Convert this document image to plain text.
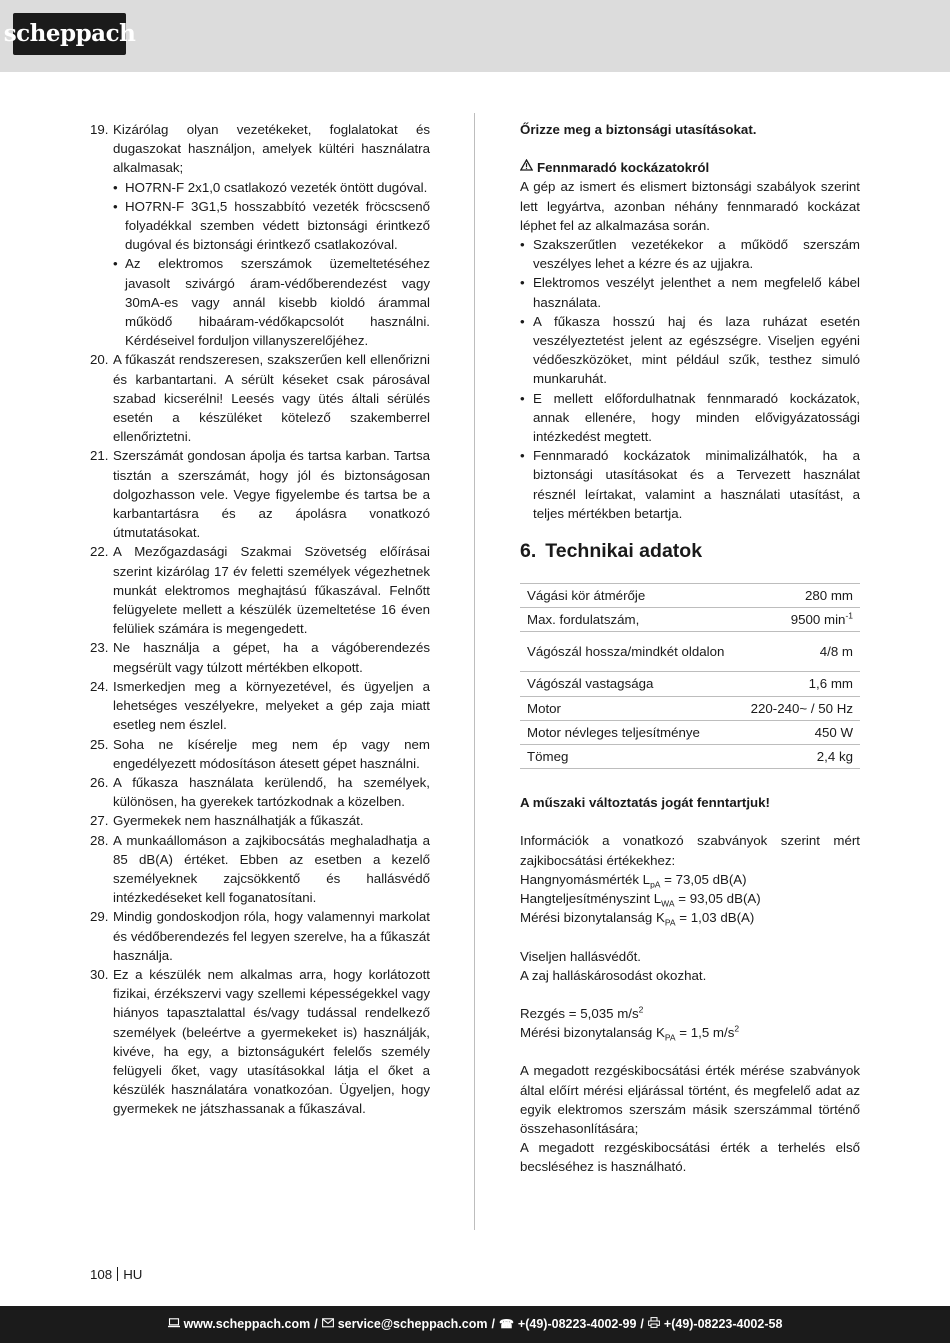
scheppach
19. Kizárólag olyan vezetékeket, foglalatokat és dugaszokat használjon, amelyek kültéri használatra alkalmasak;
• HO7RN-F 2x1,0 csatlakozó vezeték öntött dugóval.
• HO7RN-F 3G1,5 hosszabbító vezeték fröcscsenő folyadékkal szemben védett biztonsági érintkező dugóval és biztonsági érintkező csatlakozóval.
• Az elektromos szerszámok üzemeltetéséhez javasolt szivárgó áram-védőberendezést vagy 30mA-es vagy annál kisebb kioldó árammal működő hibaáram-védőkapcsolót használni. Kérdéseivel forduljon villanyszerelőjéhez.
20. A fűkaszát rendszeresen, szakszerűen kell ellenőrizni és karbantartani. A sérült késeket csak párosával szabad kicserélni! Leesés vagy ütés általi sérülés esetén a készüléket kötelező szakemberrel ellenőriztetni.
21. Szerszámát gondosan ápolja és tartsa karban. Tartsa tisztán a szerszámát, hogy jól és biztonságosan dolgozhasson vele. Vegye figyelembe és tartsa be a karbantartásra és az ápolásra vonatkozó útmutatásokat.
22. A Mezőgazdasági Szakmai Szövetség előírásai szerint kizárólag 17 év feletti személyek végezhetnek munkát elektromos meghajtású fűkaszával. Felnőtt felügyelete mellett a készülék üzemeltetése 16 éven felüliek számára is megengedett.
23. Ne használja a gépet, ha a vágóberendezés megsérült vagy túlzott mértékben elkopott.
24. Ismerkedjen meg a környezetével, és ügyeljen a lehetséges veszélyekre, melyeket a gép zaja miatt esetleg nem észlel.
25. Soha ne kísérelje meg nem ép vagy nem engedélyezett módosításon átesett gépet használni.
26. A fűkasza használata kerülendő, ha személyek, különösen, ha gyerekek tartózkodnak a közelben.
27. Gyermekek nem használhatják a fűkaszát.
28. A munkaállomáson a zajkibocsátás meghaladhatja a 85 dB(A) értéket. Ebben az esetben a kezelő személyeknek zajcsökkentő és hallásvédő intézkedéseket kell foganatosítani.
29. Mindig gondoskodjon róla, hogy valamennyi markolat és védőberendezés fel legyen szerelve, ha a fűkaszát használja.
30. Ez a készülék nem alkalmas arra, hogy korlátozott fizikai, érzékszervi vagy szellemi képességekkel vagy hiányos tapasztalattal és/vagy tudással rendelkező személyek (beleértve a gyermekeket is) használják, kivéve, ha egy, a biztonságukért felelős személy felügyeli őket, vagy utasításokkal látja el őket a készülék használatára vonatkozóan. Ügyeljen, hogy gyermekek ne játszhassanak a fűkaszával.
Őrizze meg a biztonsági utasításokat.
Fennmaradó kockázatokról
A gép az ismert és elismert biztonsági szabályok szerint lett legyártva, azonban néhány fennmaradó kockázat léphet fel az alkalmazása során.
• Szakszerűtlen vezetékekor a működő szerszám veszélyes lehet a kézre és az ujjakra.
• Elektromos veszélyt jelenthet a nem megfelelő kábel használata.
• A fűkasza hosszú haj és laza ruházat esetén veszélyeztetést jelent az egészségre. Viseljen egyéni védőeszközöket, mint például szűk, testhez simuló munkaruhát.
• E mellett előfordulhatnak fennmaradó kockázatok, annak ellenére, hogy minden elővigyázatossági intézkedést megtett.
• Fennmaradó kockázatok minimalizálhatók, ha a biztonsági utasításokat és a Tervezett használat résznél leírtakat, valamint a használati utasítást, a teljes mértékben betartja.
6. Technikai adatok
Vágási kör átmérője	280 mm
Max. fordulatszám,	9500 $\min^{-1}$
Vágószál hossza/mindkét oldalon	4/8 m
Vágószál vastagsága	1,6 mm
Motor	220-240~ / 50 Hz
Motor névleges teljesítménye	450 W
Tömeg	2,4 kg
A műszaki változtatás jogát fenntartjuk!
Információk a vonatkozó szabványok szerint mért zajkibocsátási értékekhez:
Hangnyomásmérték $L_{pA} = 73,05$ dB(A)
Hangteljesítményszint $L_{WA} = 93,05$ dB(A)
Mérési bizonytalanság $K_{PA} = 1,03$ dB(A)
Viseljen hallásvédőt.
A zaj halláskárosodást okozhat.
Rezgés = 5,035 $m/s^2$
Mérési bizonytalanság $K_{PA} = 1,5$ $m/s^2$
A megadott rezgéskibocsátási érték mérése szabványok által előírt mérési eljárással történt, és megfelelő adat az egyik elektromos szerszám másik szerszámmal történő összehasonlítására;
A megadott rezgéskibocsátási érték a terhelés első becsléséhez is használható.
108 HU
www.scheppach.com / service@scheppach.com / ☎ +(49)-08223-4002-99 / +(49)-08223-4002-58
